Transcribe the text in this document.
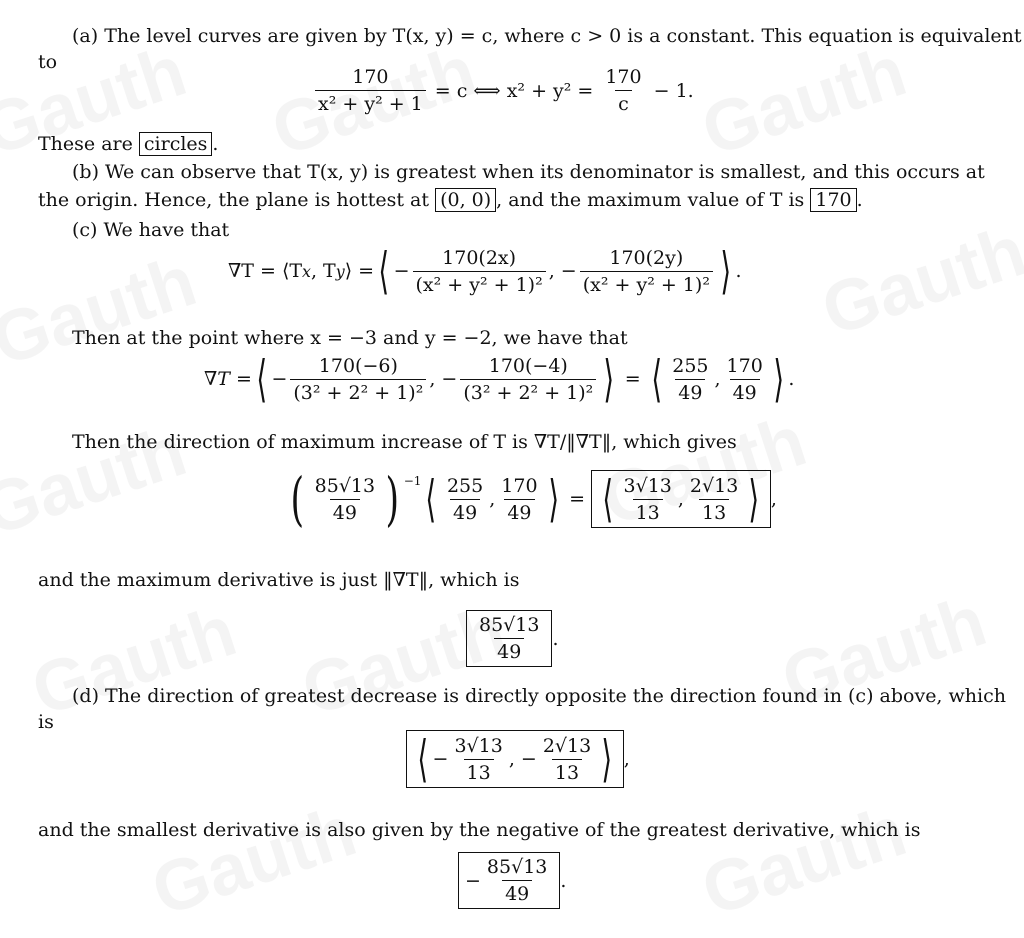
(a) The level curves are given by T(x, y) = c, where c > 0 is a constant. This equation is equivalent
to
$\frac{170}{\text{x² + y² + 1}} = c$ ⟺ $x^2 + y^2 = \frac{170}{c} - 1$.
These are circles .
(b) We can observe that T(x, y) is greatest when its denominator is smallest, and this occurs at
the origin. Hence, the plane is hottest at (0, 0) , and the maximum value of T is 170 .
(c) We have that
∇T = ⟨T x , T y ⟩ = ⟨ − $\frac{170(2x)}{\text{(x² + y² + 1)²}}$ , − $\frac{170(2y)}{\text{(x² + y² + 1)²}}$ ⟩ .
Then at the point where x = −3 and y = −2, we have that
∇T = ⟨ − $\frac{170(-6)}{\text{(3² + 2² + 1)²}}$ , − $\frac{170(-4)}{\text{(3² + 2² + 1)²}}$ ⟩ = ⟨ $\frac{255}{49}$ , $\frac{170}{49}$ ⟩ .
Then the direction of maximum increase of T is ∇T/‖∇T‖, which gives
( $\frac{85√13}{49}$ ) $^{-1}$ ⟨ $\frac{255}{49}$ , $\frac{170}{49}$ ⟩ = ⟨ $\frac{3√13}{13}$ , $\frac{2√13}{13}$ ⟩ ,
and the maximum derivative is just ‖∇T‖, which is
$\frac{85√13}{49}$ .
(d) The direction of greatest decrease is directly opposite the direction found in (c) above, which
is
⟨ − $\frac{3√13}{13}$ , − $\frac{2√13}{13}$ ⟩ ,
and the smallest derivative is also given by the negative of the greatest derivative, which is
− $\frac{85√13}{49}$ .
